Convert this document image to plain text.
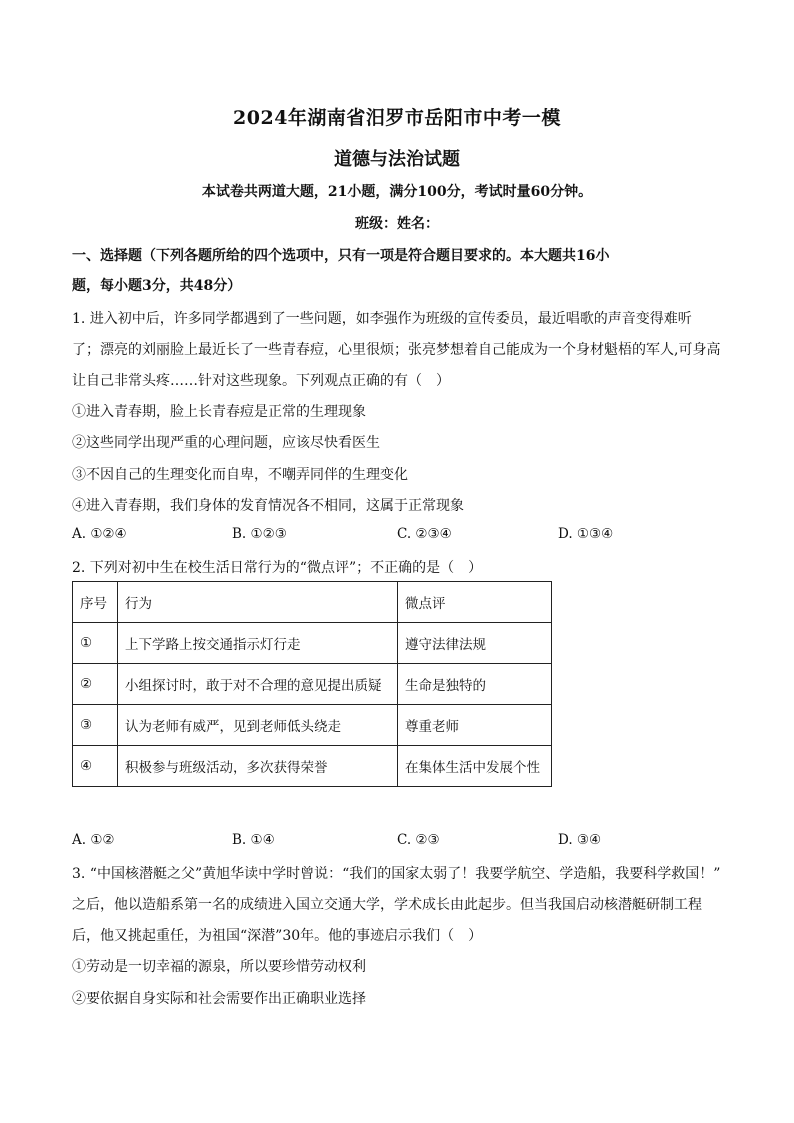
2024年湖南省汨罗市岳阳市中考一模
道德与法治试题
本试卷共两道大题，21小题，满分100分，考试时量60分钟。
班级：姓名：
一、选择题（下列各题所给的四个选项中，只有一项是符合题目要求的。本大题共16小
题，每小题3分，共48分）
1. 进入初中后，许多同学都遇到了一些问题，如李强作为班级的宣传委员，最近唱歌的声音变得难听
了；漂亮的刘丽脸上最近长了一些青春痘，心里很烦；张亮梦想着自己能成为一个身材魁梧的军人,可身高
让自己非常头疼……针对这些现象。下列观点正确的有（　）
①进入青春期，脸上长青春痘是正常的生理现象
②这些同学出现严重的心理问题，应该尽快看医生
③不因自己的生理变化而自卑，不嘲弄同伴的生理变化
④进入青春期，我们身体的发育情况各不相同，这属于正常现象
A. ①②④	B. ①②③	C. ②③④	D. ①③④
2. 下列对初中生在校生活日常行为的“微点评”；不正确的是（　）
序号	行为	微点评
①	上下学路上按交通指示灯行走	遵守法律法规
②	小组探讨时，敢于对不合理的意见提出质疑	生命是独特的
③	认为老师有威严，见到老师低头绕走	尊重老师
④	积极参与班级活动，多次获得荣誉	在集体生活中发展个性
A. ①②	B. ①④	C. ②③	D. ③④
3. “中国核潜艇之父”黄旭华读中学时曾说：“我们的国家太弱了！我要学航空、学造船，我要科学救国！”
之后，他以造船系第一名的成绩进入国立交通大学，学术成长由此起步。但当我国启动核潜艇研制工程
后，他又挑起重任，为祖国“深潜”30年。他的事迹启示我们（　）
①劳动是一切幸福的源泉，所以要珍惜劳动权利
②要依据自身实际和社会需要作出正确职业选择
